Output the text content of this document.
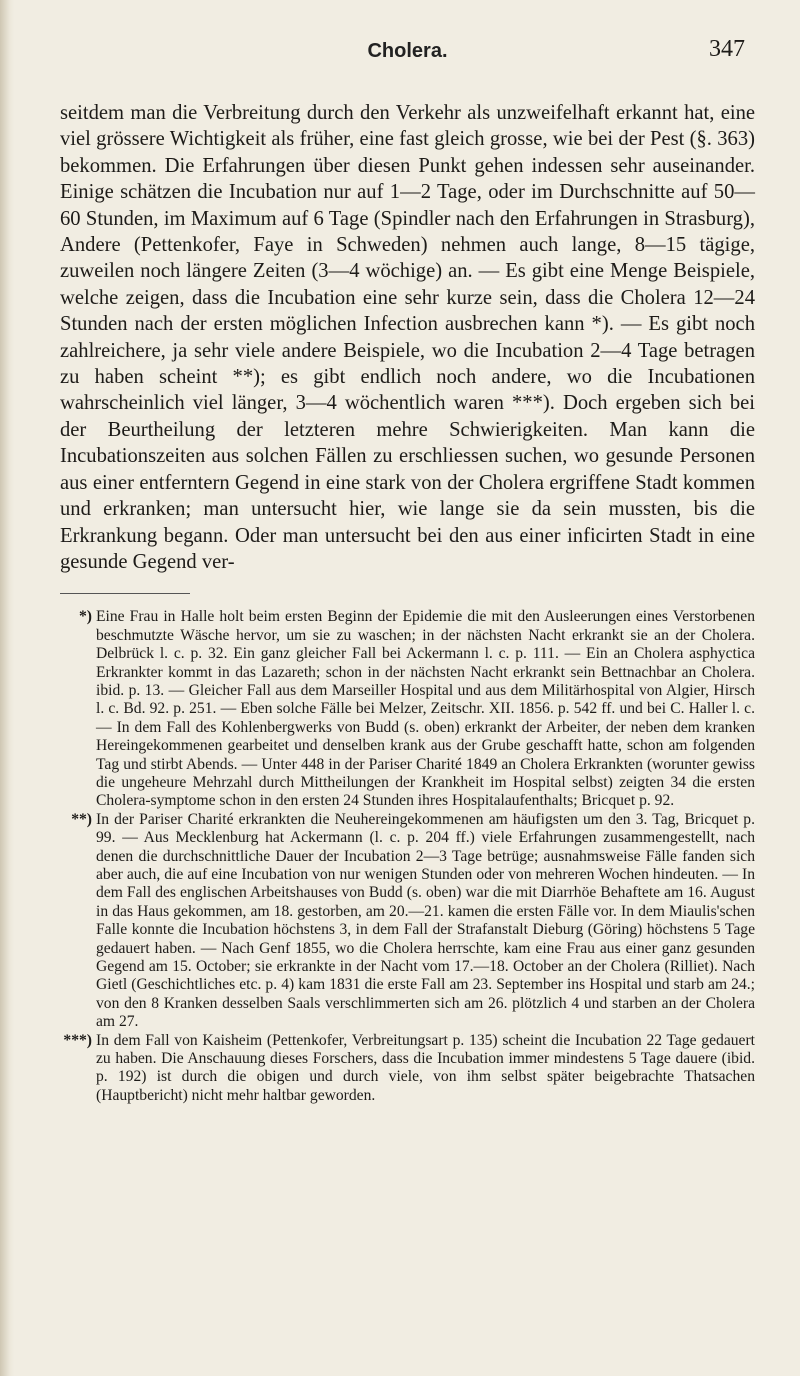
Cholera.	347

seitdem man die Verbreitung durch den Verkehr als unzweifelhaft erkannt hat, eine viel grössere Wichtigkeit als früher, eine fast gleich grosse, wie bei der Pest (§. 363) bekommen. Die Erfahrungen über diesen Punkt gehen indessen sehr auseinander. Einige schätzen die Incubation nur auf 1—2 Tage, oder im Durchschnitte auf 50—60 Stunden, im Maximum auf 6 Tage (Spindler nach den Erfahrungen in Strasburg), Andere (Pettenkofer, Faye in Schweden) nehmen auch lange, 8—15 tägige, zuweilen noch längere Zeiten (3—4 wöchige) an. — Es gibt eine Menge Beispiele, welche zeigen, dass die Incubation eine sehr kurze sein, dass die Cholera 12—24 Stunden nach der ersten möglichen Infection ausbrechen kann *). — Es gibt noch zahlreichere, ja sehr viele andere Beispiele, wo die Incubation 2—4 Tage betragen zu haben scheint **); es gibt endlich noch andere, wo die Incubationen wahrscheinlich viel länger, 3—4 wöchentlich waren ***). Doch ergeben sich bei der Beurtheilung der letzteren mehre Schwierigkeiten. Man kann die Incubationszeiten aus solchen Fällen zu erschliessen suchen, wo gesunde Personen aus einer entferntern Gegend in eine stark von der Cholera ergriffene Stadt kommen und erkranken; man untersucht hier, wie lange sie da sein mussten, bis die Erkrankung begann. Oder man untersucht bei den aus einer inficirten Stadt in eine gesunde Gegend ver-

*) Eine Frau in Halle holt beim ersten Beginn der Epidemie die mit den Ausleerungen eines Verstorbenen beschmutzte Wäsche hervor, um sie zu waschen; in der nächsten Nacht erkrankt sie an der Cholera. Delbrück l. c. p. 32. Ein ganz gleicher Fall bei Ackermann l. c. p. 111. — Ein an Cholera asphyctica Erkrankter kommt in das Lazareth; schon in der nächsten Nacht erkrankt sein Bettnachbar an Cholera. ibid. p. 13. — Gleicher Fall aus dem Marseiller Hospital und aus dem Militärhospital von Algier, Hirsch l. c. Bd. 92. p. 251. — Eben solche Fälle bei Melzer, Zeitschr. XII. 1856. p. 542 ff. und bei C. Haller l. c. — In dem Fall des Kohlenbergwerks von Budd (s. oben) erkrankt der Arbeiter, der neben dem kranken Hereingekommenen gearbeitet und denselben krank aus der Grube geschafft hatte, schon am folgenden Tag und stirbt Abends. — Unter 448 in der Pariser Charité 1849 an Cholera Erkrankten (worunter gewiss die ungeheure Mehrzahl durch Mittheilungen der Krankheit im Hospital selbst) zeigten 34 die ersten Cholera-symptome schon in den ersten 24 Stunden ihres Hospitalaufenthalts; Bricquet p. 92.
**) In der Pariser Charité erkrankten die Neuhereingekommenen am häufigsten um den 3. Tag, Bricquet p. 99. — Aus Mecklenburg hat Ackermann (l. c. p. 204 ff.) viele Erfahrungen zusammengestellt, nach denen die durchschnittliche Dauer der Incubation 2—3 Tage betrüge; ausnahmsweise Fälle fanden sich aber auch, die auf eine Incubation von nur wenigen Stunden oder von mehreren Wochen hindeuten. — In dem Fall des englischen Arbeitshauses von Budd (s. oben) war die mit Diarrhöe Behaftete am 16. August in das Haus gekommen, am 18. gestorben, am 20.—21. kamen die ersten Fälle vor. In dem Miaulis'schen Falle konnte die Incubation höchstens 3, in dem Fall der Strafanstalt Dieburg (Göring) höchstens 5 Tage gedauert haben. — Nach Genf 1855, wo die Cholera herrschte, kam eine Frau aus einer ganz gesunden Gegend am 15. October; sie erkrankte in der Nacht vom 17.—18. October an der Cholera (Rilliet). Nach Gietl (Geschichtliches etc. p. 4) kam 1831 die erste Fall am 23. September ins Hospital und starb am 24.; von den 8 Kranken desselben Saals verschlimmerten sich am 26. plötzlich 4 und starben an der Cholera am 27.
***) In dem Fall von Kaisheim (Pettenkofer, Verbreitungsart p. 135) scheint die Incubation 22 Tage gedauert zu haben. Die Anschauung dieses Forschers, dass die Incubation immer mindestens 5 Tage dauere (ibid. p. 192) ist durch die obigen und durch viele, von ihm selbst später beigebrachte Thatsachen (Hauptbericht) nicht mehr haltbar geworden.
